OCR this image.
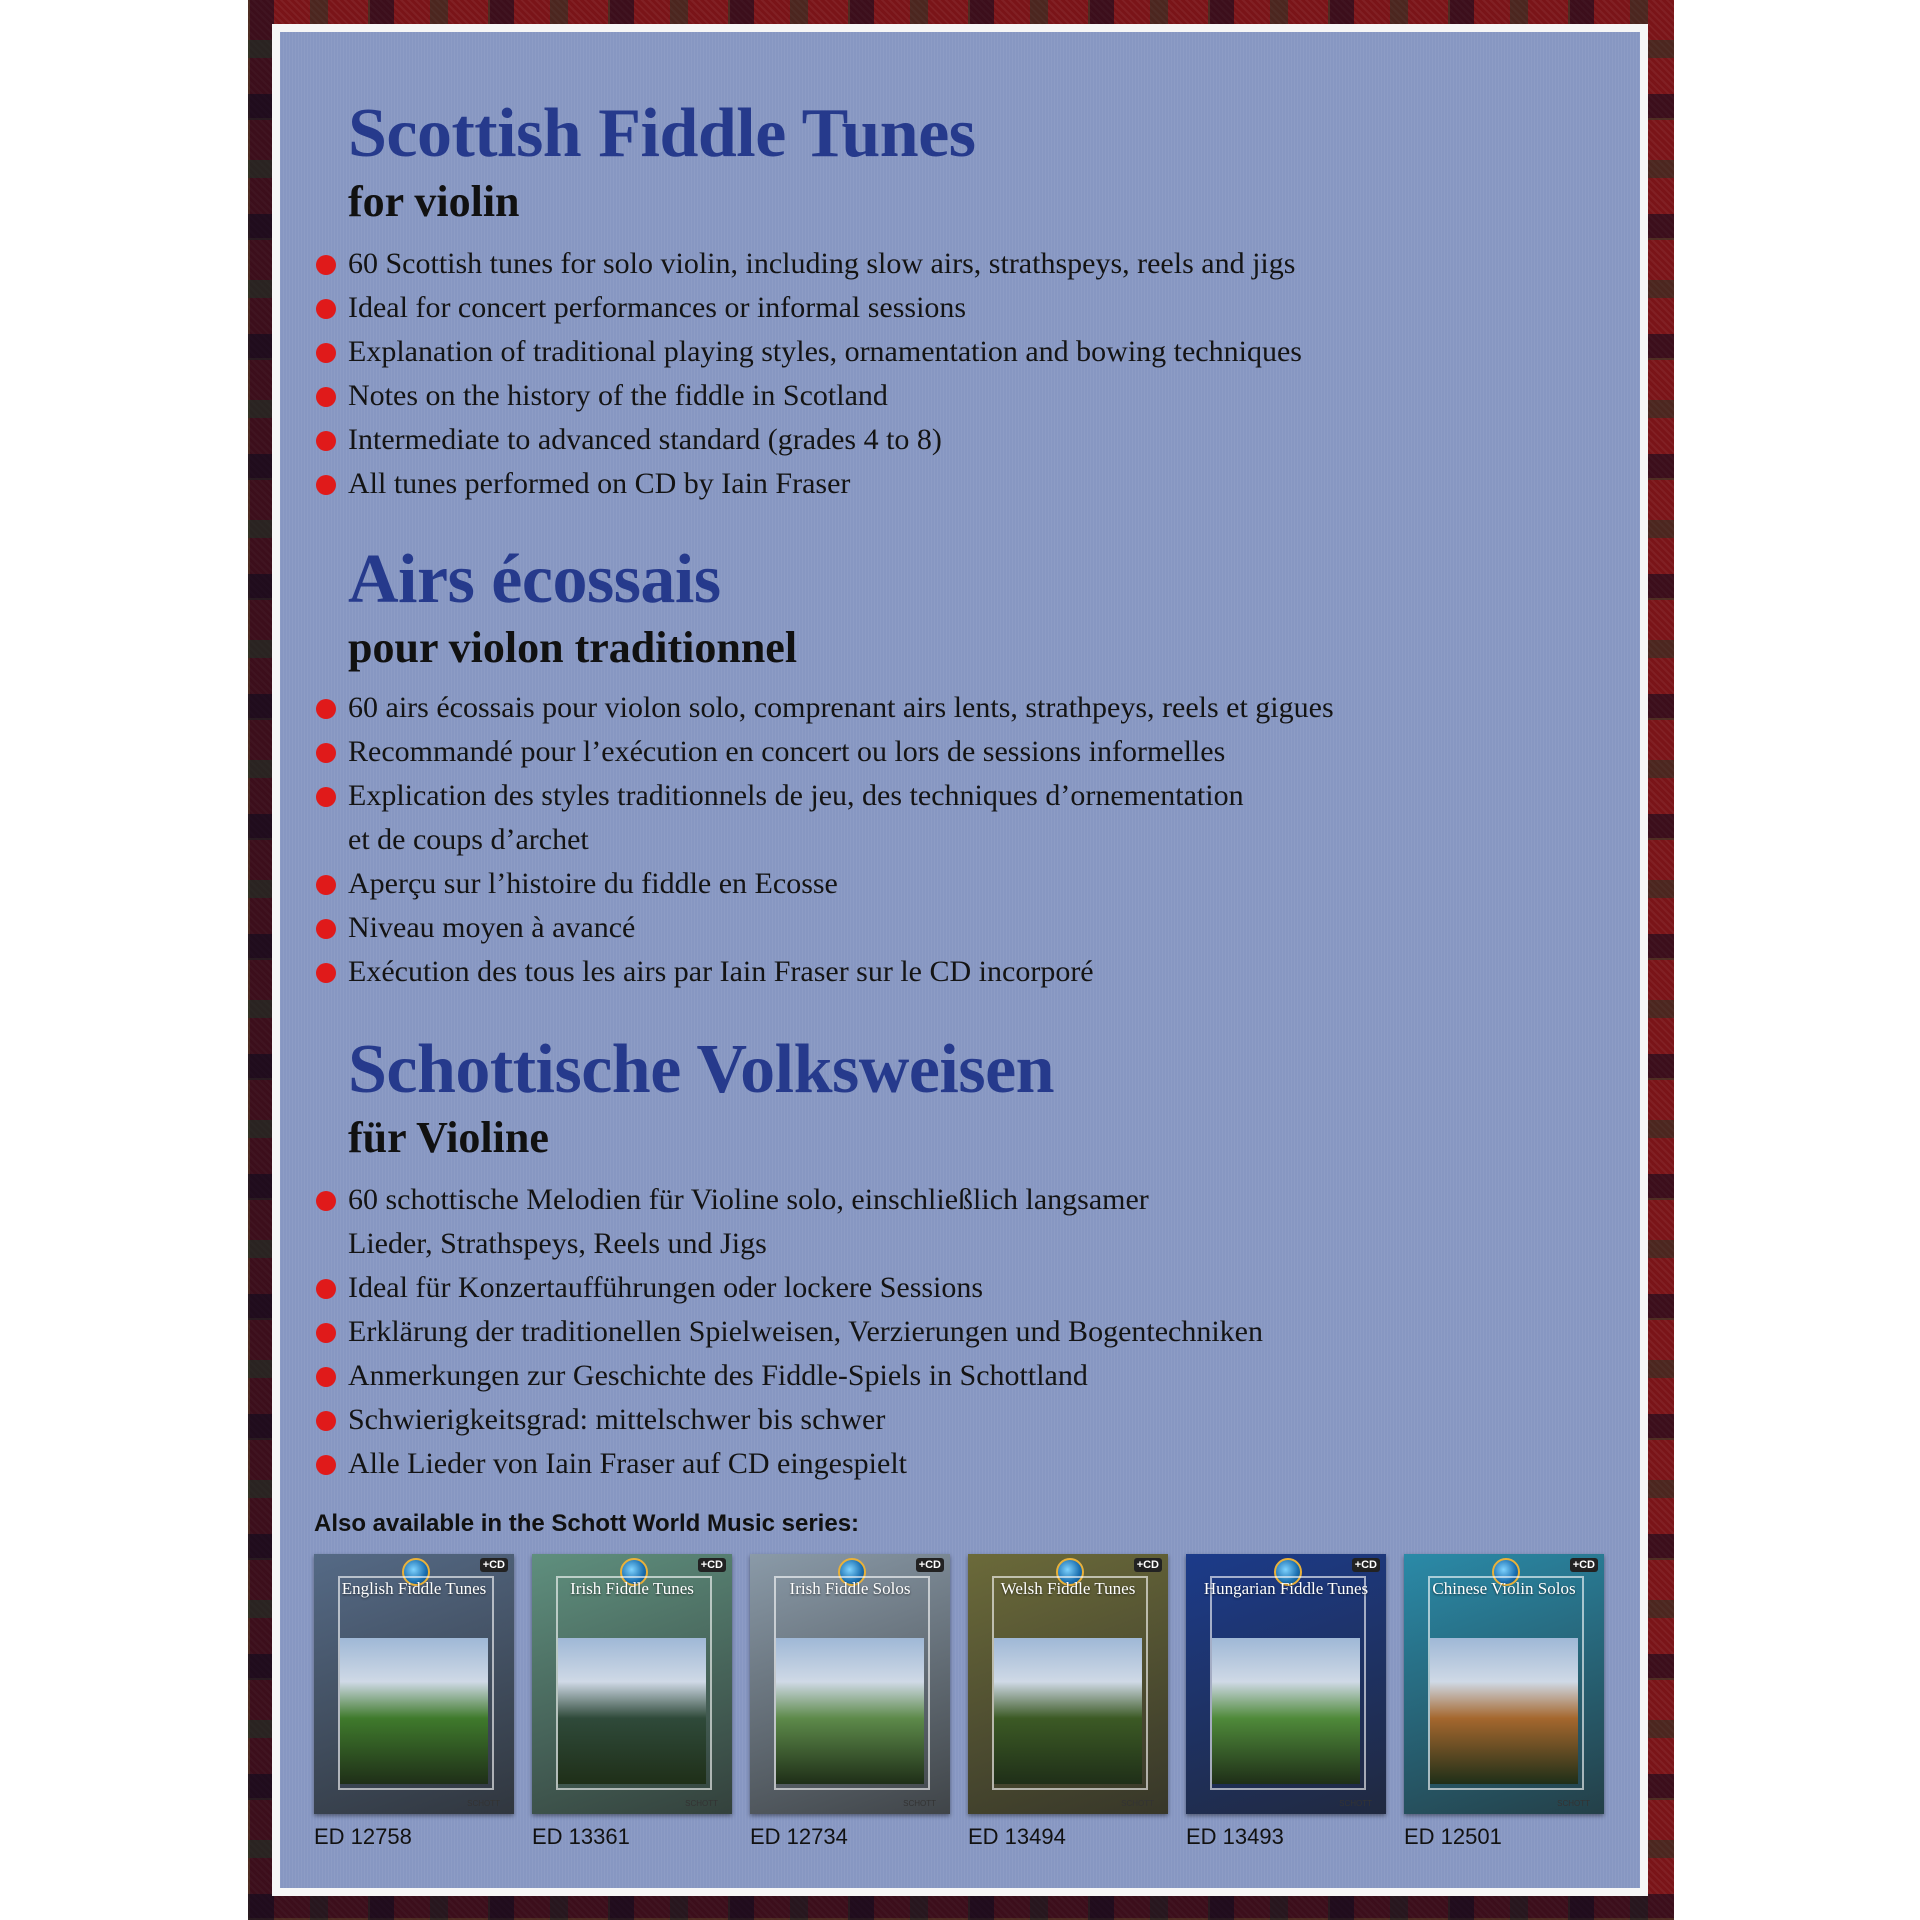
Scottish Fiddle Tunes
for violin
60 Scottish tunes for solo violin, including slow airs, strathspeys, reels and jigs
Ideal for concert performances or informal sessions
Explanation of traditional playing styles, ornamentation and bowing techniques
Notes on the history of the fiddle in Scotland
Intermediate to advanced standard (grades 4 to 8)
All tunes performed on CD by Iain Fraser
Airs écossais
pour violon traditionnel
60 airs écossais pour violon solo, comprenant airs lents, strathpeys, reels et gigues
Recommandé pour l’exécution en concert ou lors de sessions informelles
Explication des styles traditionnels de jeu, des techniques d’ornementation
et de coups d’archet
Aperçu sur l’histoire du fiddle en Ecosse
Niveau moyen à avancé
Exécution des tous les airs par Iain Fraser sur le CD incorporé
Schottische Volksweisen
für Violine
60 schottische Melodien für Violine solo, einschließlich langsamer
Lieder, Strathspeys, Reels und Jigs
Ideal für Konzertaufführungen oder lockere Sessions
Erklärung der traditionellen Spielweisen, Verzierungen und Bogentechniken
Anmerkungen zur Geschichte des Fiddle-Spiels in Schottland
Schwierigkeitsgrad: mittelschwer bis schwer
Alle Lieder von Iain Fraser auf CD eingespielt
Also available in the Schott World Music series:
+CD
English Fiddle Tunes
SCHOTT
ED 12758
+CD
Irish Fiddle Tunes
SCHOTT
ED 13361
+CD
Irish Fiddle Solos
SCHOTT
ED 12734
+CD
Welsh Fiddle Tunes
SCHOTT
ED 13494
+CD
Hungarian Fiddle Tunes
SCHOTT
ED 13493
+CD
Chinese Violin Solos
SCHOTT
ED 12501
